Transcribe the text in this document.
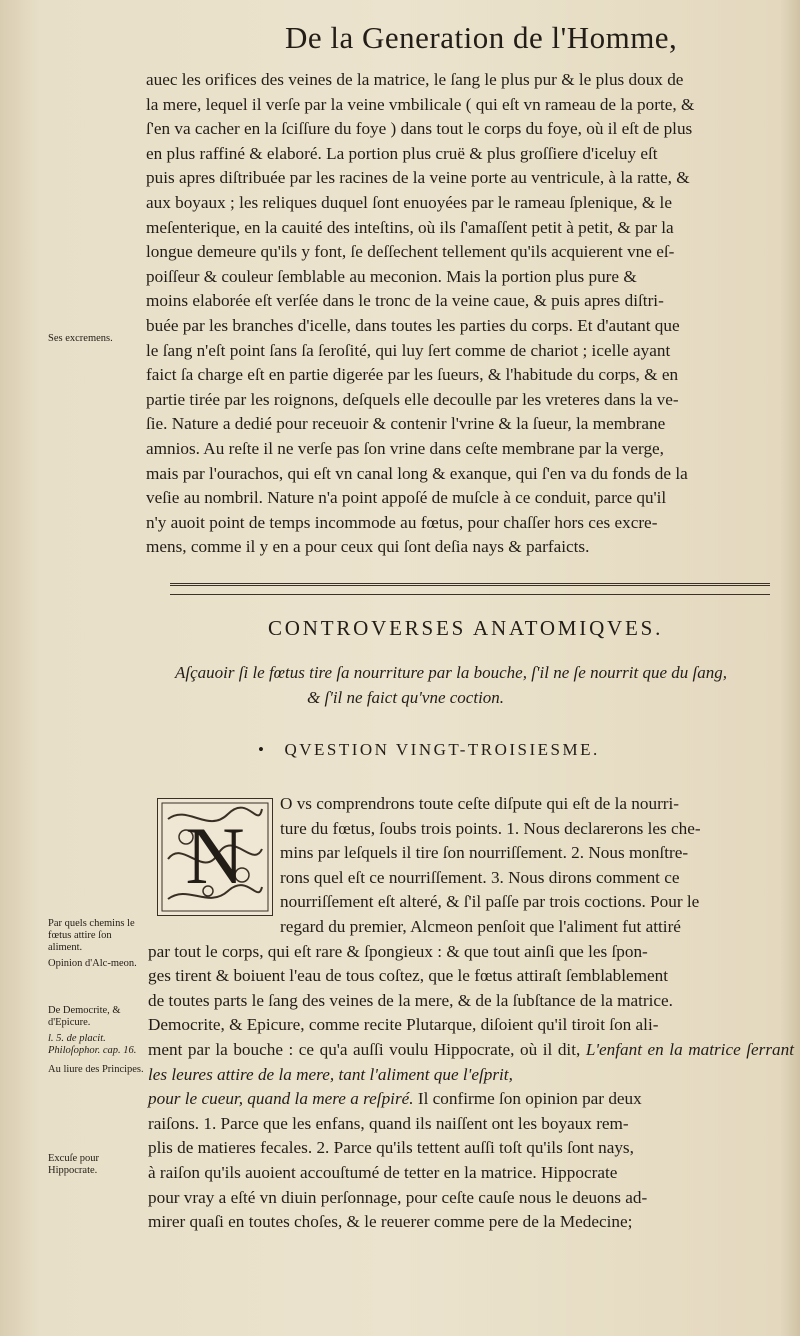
De la Generation de l'Homme,

auec les orifices des veines de la matrice, le ſang le plus pur & le plus doux de

la mere, lequel il verſe par la veine vmbilicale ( qui eſt vn rameau de la porte, &

ſ'en va cacher en la ſciſſure du foye ) dans tout le corps du foye, où il eſt de plus

en plus raffiné & elaboré. La portion plus cruë & plus groſſiere d'iceluy eſt

puis apres diſtribuée par les racines de la veine porte au ventricule, à la ratte, &

aux boyaux ; les reliques duquel ſont enuoyées par le rameau ſplenique, & le

meſenterique, en la cauité des inteſtins, où ils ſ'amaſſent petit à petit, & par la

longue demeure qu'ils y font, ſe deſſechent tellement qu'ils acquierent vne eſ-

poiſſeur & couleur ſemblable au meconion. Mais la portion plus pure &

moins elaborée eſt verſée dans le tronc de la veine caue, & puis apres diſtri-

buée par les branches d'icelle, dans toutes les parties du corps. Et d'autant que

le ſang n'eſt point ſans ſa ſeroſité, qui luy ſert comme de chariot ; icelle ayant

faict ſa charge eſt en partie digerée par les ſueurs, & l'habitude du corps, & en

partie tirée par les roignons, deſquels elle decoulle par les vreteres dans la ve-

ſie. Nature a dedié pour receuoir & contenir l'vrine & la ſueur, la membrane

amnios. Au reſte il ne verſe pas ſon vrine dans ceſte membrane par la verge,

mais par l'ourachos, qui eſt vn canal long & exanque, qui ſ'en va du fonds de la

veſie au nombril. Nature n'a point appoſé de muſcle à ce conduit, parce qu'il

n'y auoit point de temps incommode au fœtus, pour chaſſer hors ces excre-

mens, comme il y en a pour ceux qui ſont deſia nays & parfaicts.

Ses excremens.
CONTROVERSES ANATOMIQVES.
Aſçauoir ſi le fœtus tire ſa nourriture par la bouche, ſ'il ne ſe nourrit que du ſang,
& ſ'il ne faict qu'vne coction.
• QVESTION VINGT-TROISIESME.
N
O vs comprendrons toute ceſte diſpute qui eſt de la nourri-
ture du fœtus, ſoubs trois points. 1. Nous declarerons les che-
mins par leſquels il tire ſon nourriſſement. 2. Nous monſtre-
rons quel eſt ce nourriſſement. 3. Nous dirons comment ce
nourriſſement eſt alteré, & ſ'il paſſe par trois coctions. Pour le
regard du premier, Alcmeon penſoit que l'aliment fut attiré
par tout le corps, qui eſt rare & ſpongieux : & que tout ainſi que les ſpon-
ges tirent & boiuent l'eau de tous coſtez, que le fœtus attiraſt ſemblablement
de toutes parts le ſang des veines de la mere, & de la ſubſtance de la matrice.
Democrite, & Epicure, comme recite Plutarque, diſoient qu'il tiroit ſon ali-
ment par la bouche : ce qu'a auſſi voulu Hippocrate, où il dit, L'enfant en la matrice ſerrant les leures attire de la mere, tant l'aliment que l'eſprit,
pour le cueur, quand la mere a reſpiré. Il confirme ſon opinion par deux
raiſons. 1. Parce que les enfans, quand ils naiſſent ont les boyaux rem-
plis de matieres fecales. 2. Parce qu'ils tettent auſſi toſt qu'ils ſont nays,
à raiſon qu'ils auoient accouſtumé de tetter en la matrice. Hippocrate
pour vray a eſté vn diuin perſonnage, pour ceſte cauſe nous le deuons ad-
mirer quaſi en toutes choſes, & le reuerer comme pere de la Medecine;
Par quels chemins le fœtus attire ſon aliment.
Opinion d'Alc-meon.
De Democrite, & d'Epicure.
l. 5. de placit. Philoſophor. cap. 16.
Au liure des Principes.
Excuſe pour Hippocrate.
